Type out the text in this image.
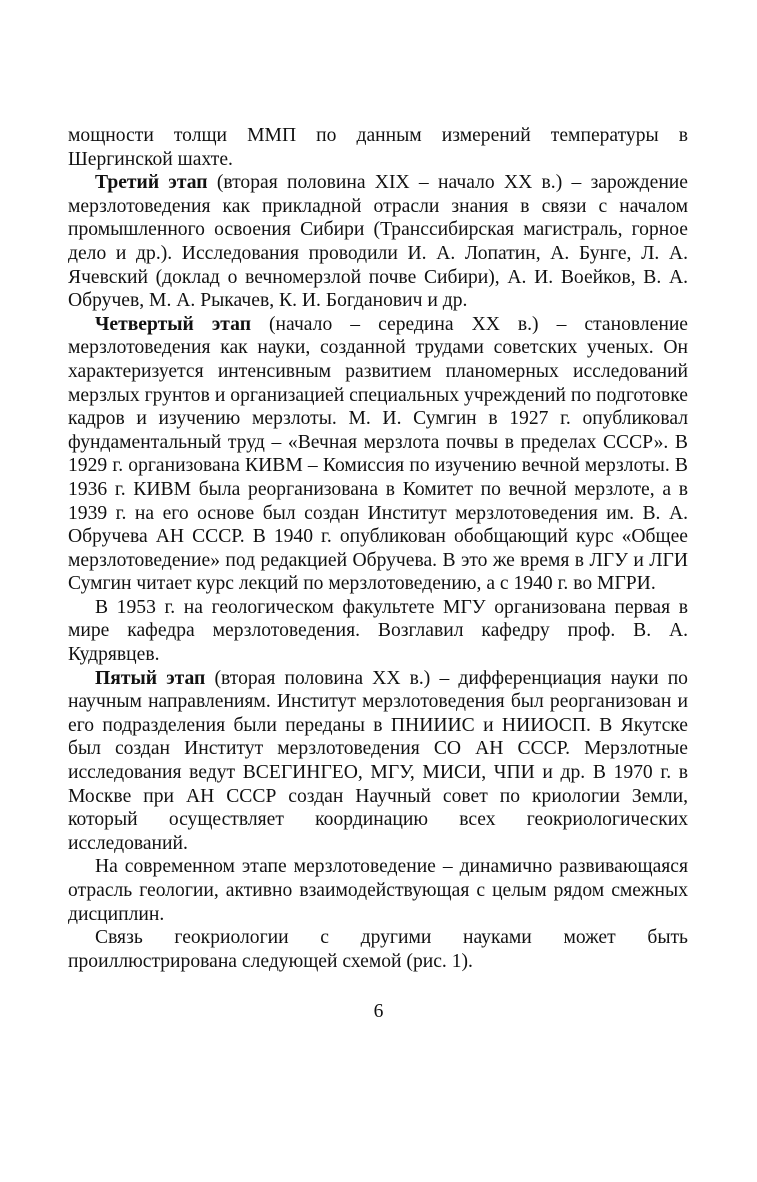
мощности толщи ММП по данным измерений температуры в Шергинской шахте.

Третий этап (вторая половина XIX – начало XX в.) – зарождение мерзлотоведения как прикладной отрасли знания в связи с началом промышленного освоения Сибири (Транссибирская магистраль, горное дело и др.). Исследования проводили И. А. Лопатин, А. Бунге, Л. А. Ячевский (доклад о вечномерзлой почве Сибири), А. И. Воейков, В. А. Обручев, М. А. Рыкачев, К. И. Богданович и др.

Четвертый этап (начало – середина XX в.) – становление мерзлотоведения как науки, созданной трудами советских ученых. Он характеризуется интенсивным развитием планомерных исследований мерзлых грунтов и организацией специальных учреждений по подготовке кадров и изучению мерзлоты. М. И. Сумгин в 1927 г. опубликовал фундаментальный труд – «Вечная мерзлота почвы в пределах СССР». В 1929 г. организована КИВМ – Комиссия по изучению вечной мерзлоты. В 1936 г. КИВМ была реорганизована в Комитет по вечной мерзлоте, а в 1939 г. на его основе был создан Институт мерзлотоведения им. В. А. Обручева АН СССР. В 1940 г. опубликован обобщающий курс «Общее мерзлотоведение» под редакцией Обручева. В это же время в ЛГУ и ЛГИ Сумгин читает курс лекций по мерзлотоведению, а с 1940 г. во МГРИ.

В 1953 г. на геологическом факультете МГУ организована первая в мире кафедра мерзлотоведения. Возглавил кафедру проф. В. А. Кудрявцев.

Пятый этап (вторая половина XX в.) – дифференциация науки по научным направлениям. Институт мерзлотоведения был реорганизован и его подразделения были переданы в ПНИИИС и НИИОСП. В Якутске был создан Институт мерзлотоведения СО АН СССР. Мерзлотные исследования ведут ВСЕГИНГЕО, МГУ, МИСИ, ЧПИ и др. В 1970 г. в Москве при АН СССР создан Научный совет по криологии Земли, который осуществляет координацию всех геокриологических исследований.

На современном этапе мерзлотоведение – динамично развивающаяся отрасль геологии, активно взаимодействующая с целым рядом смежных дисциплин.

Связь геокриологии с другими науками может быть проиллюстрирована следующей схемой (рис. 1).

6
